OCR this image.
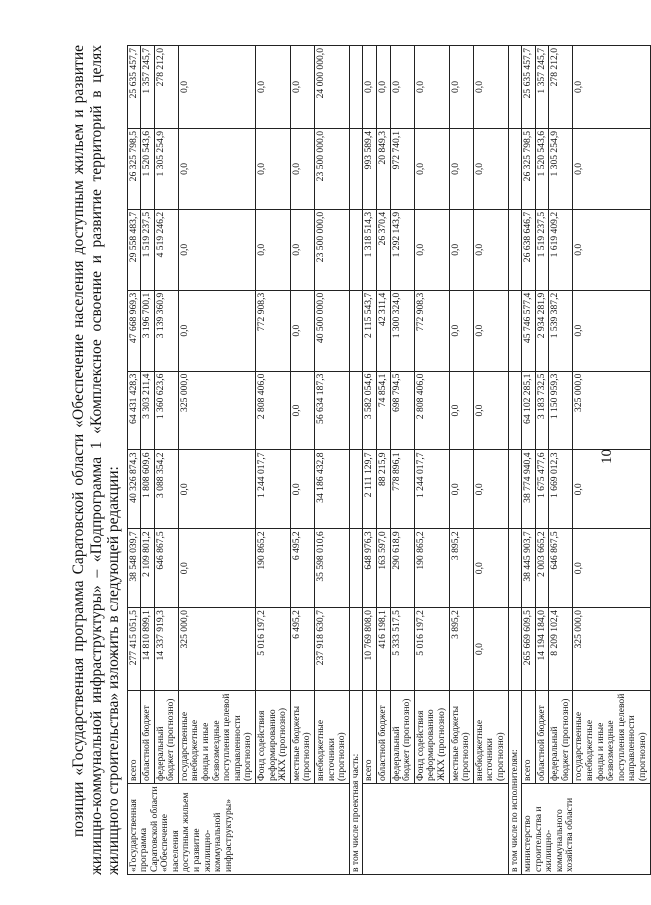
10

позиции «Государственная программа Саратовской области «Обеспечение населения доступным жильем и развитие жилищно-коммунальной инфраструктуры» – «Подпрограмма 1 «Комплексное освоение и развитие территорий в целях жилищного строительства» изложить в следующей редакции: «Государственная программа Саратовской области «Обеспечение населения доступным жильем и развитие жилищно-коммунальной инфраструктуры»	всего	277 415 051,5	38 548 039,7	40 326 874,3	64 431 428,3	47 668 969,3	29 558 483,7	26 325 798,5	25 635 457,7
	областной бюджет	14 810 899,1	2 109 801,2	1 808 609,6	3 303 211,4	3 196 700,1	1 519 237,5	1 520 543,6	1 357 245,7
	федеральный бюджет (прогнозно)	14 337 919,3	646 867,5	3 088 354,2	1 360 623,6	3 139 360,9	4 519 246,2	1 305 254,9	278 212,0
	государственные внебюджетные фонды и иные безвозмездные поступления целевой направленности (прогнозно)	325 000,0	0,0	0,0	325 000,0	0,0	0,0	0,0	0,0
	Фонд содействия реформированию ЖКХ (прогнозно)	5 016 197,2	190 865,2	1 244 017,7	2 808 406,0	772 908,3	0,0	0,0	0,0
	местные бюджеты (прогнозно)	6 495,2	6 495,2	0,0	0,0	0,0	0,0	0,0	0,0
	внебюджетные источники (прогнозно)	237 918 630,7	35 598 010,6	34 186 432,8	56 634 187,3	40 500 000,0	23 500 000,0	23 500 000,0	24 000 000,0
в том числе проектная часть:									
	всего	10 769 808,0	648 976,3	2 111 129,7	3 582 054,6	2 115 543,7	1 318 514,3	993 589,4	0,0
	областной бюджет	416 198,1	163 597,0	88 215,9	74 854,1	42 311,4	26 370,4	20 849,3	0,0
	федеральный бюджет (прогнозно)	5 333 517,5	290 618,9	778 896,1	698 794,5	1 300 324,0	1 292 143,9	972 740,1	0,0
	Фонд содействия реформированию ЖКХ (прогнозно)	5 016 197,2	190 865,2	1 244 017,7	2 808 406,0	772 908,3	0,0	0,0	0,0
	местные бюджеты (прогнозно)	3 895,2	3 895,2	0,0	0,0	0,0	0,0	0,0	0,0
	внебюджетные источники (прогнозно)	0,0	0,0	0,0	0,0	0,0	0,0	0,0	0,0
в том числе по исполнителям:									
министерство строительства и жилищно-коммунального хозяйства области	всего	265 669 609,5	38 445 903,7	38 774 940,4	64 102 285,1	45 746 577,4	26 638 646,7	26 325 798,5	25 635 457,7
	областной бюджет	14 194 184,0	2 003 665,2	1 675 477,6	3 183 732,5	2 934 281,9	1 519 237,5	1 520 543,6	1 357 245,7
	федеральный бюджет (прогнозно)	8 209 102,4	646 867,5	1 669 012,3	1 150 959,3	1 539 387,2	1 619 409,2	1 305 254,9	278 212,0
	государственные внебюджетные фонды и иные безвозмездные поступления целевой направленности (прогнозно)	325 000,0	0,0	0,0	325 000,0	0,0	0,0	0,0	0,0
